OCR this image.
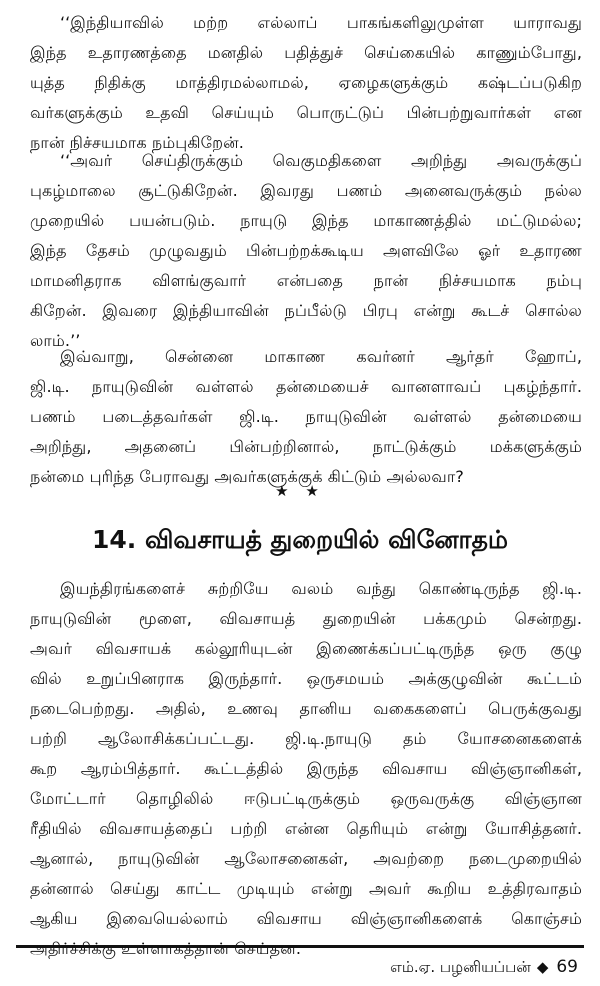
‘‘இந்தியாவில் மற்ற எல்லாப் பாகங்களிலுமுள்ள யாராவது
இந்த உதாரணத்தை மனதில் பதித்துச் செய்கையில் காணும்போது,
யுத்த நிதிக்கு மாத்திரமல்லாமல், ஏழைகளுக்கும் கஷ்டப்படுகிற
வர்களுக்கும் உதவி செய்யும் பொருட்டுப் பின்பற்றுவார்கள் என
நான் நிச்சயமாக நம்புகிறேன்.
‘‘அவர் செய்திருக்கும் வெகுமதிகளை அறிந்து அவருக்குப்
புகழ்மாலை சூட்டுகிறேன். இவரது பணம் அனைவருக்கும் நல்ல
முறையில் பயன்படும். நாயுடு இந்த மாகாணத்தில் மட்டுமல்ல;
இந்த தேசம் முழுவதும் பின்பற்றக்கூடிய அளவிலே ஓர் உதாரண
மாமனிதராக விளங்குவார் என்பதை நான் நிச்சயமாக நம்பு
கிறேன். இவரை இந்தியாவின் நப்பீல்டு பிரபு என்று கூடச் சொல்ல
லாம்.’’
இவ்வாறு, சென்னை மாகாண கவர்னர் ஆர்தர் ஹோப்,
ஜி.டி. நாயுடுவின் வள்ளல் தன்மையைச் வானளாவப் புகழ்ந்தார்.
பணம் படைத்தவர்கள் ஜி.டி. நாயுடுவின் வள்ளல் தன்மையை
அறிந்து, அதனைப் பின்பற்றினால், நாட்டுக்கும் மக்களுக்கும்
நன்மை புரிந்த பேராவது அவர்களுக்குக் கிட்டும் அல்லவா?
★ ★
14. விவசாயத் துறையில் வினோதம்
இயந்திரங்களைச் சுற்றியே வலம் வந்து கொண்டிருந்த ஜி.டி.
நாயுடுவின் மூளை, விவசாயத் துறையின் பக்கமும் சென்றது.
அவர் விவசாயக் கல்லூரியுடன் இணைக்கப்பட்டிருந்த ஒரு குழு
வில் உறுப்பினராக இருந்தார். ஒருசமயம் அக்குழுவின் கூட்டம்
நடைபெற்றது. அதில், உணவு தானிய வகைகளைப் பெருக்குவது
பற்றி ஆலோசிக்கப்பட்டது. ஜி.டி.நாயுடு தம் யோசனைகளைக்
கூற ஆரம்பித்தார். கூட்டத்தில் இருந்த விவசாய விஞ்ஞானிகள்,
மோட்டார் தொழிலில் ஈடுபட்டிருக்கும் ஒருவருக்கு விஞ்ஞான
ரீதியில் விவசாயத்தைப் பற்றி என்ன தெரியும் என்று யோசித்தனர்.
ஆனால், நாயுடுவின் ஆலோசனைகள், அவற்றை நடைமுறையில்
தன்னால் செய்து காட்ட முடியும் என்று அவர் கூறிய உத்திரவாதம்
ஆகிய இவையெல்லாம் விவசாய விஞ்ஞானிகளைக் கொஞ்சம்
அதிர்ச்சிக்கு உள்ளாகத்தான் செய்தன.
எம்.ஏ. பழனியப்பன் ◆ 69
